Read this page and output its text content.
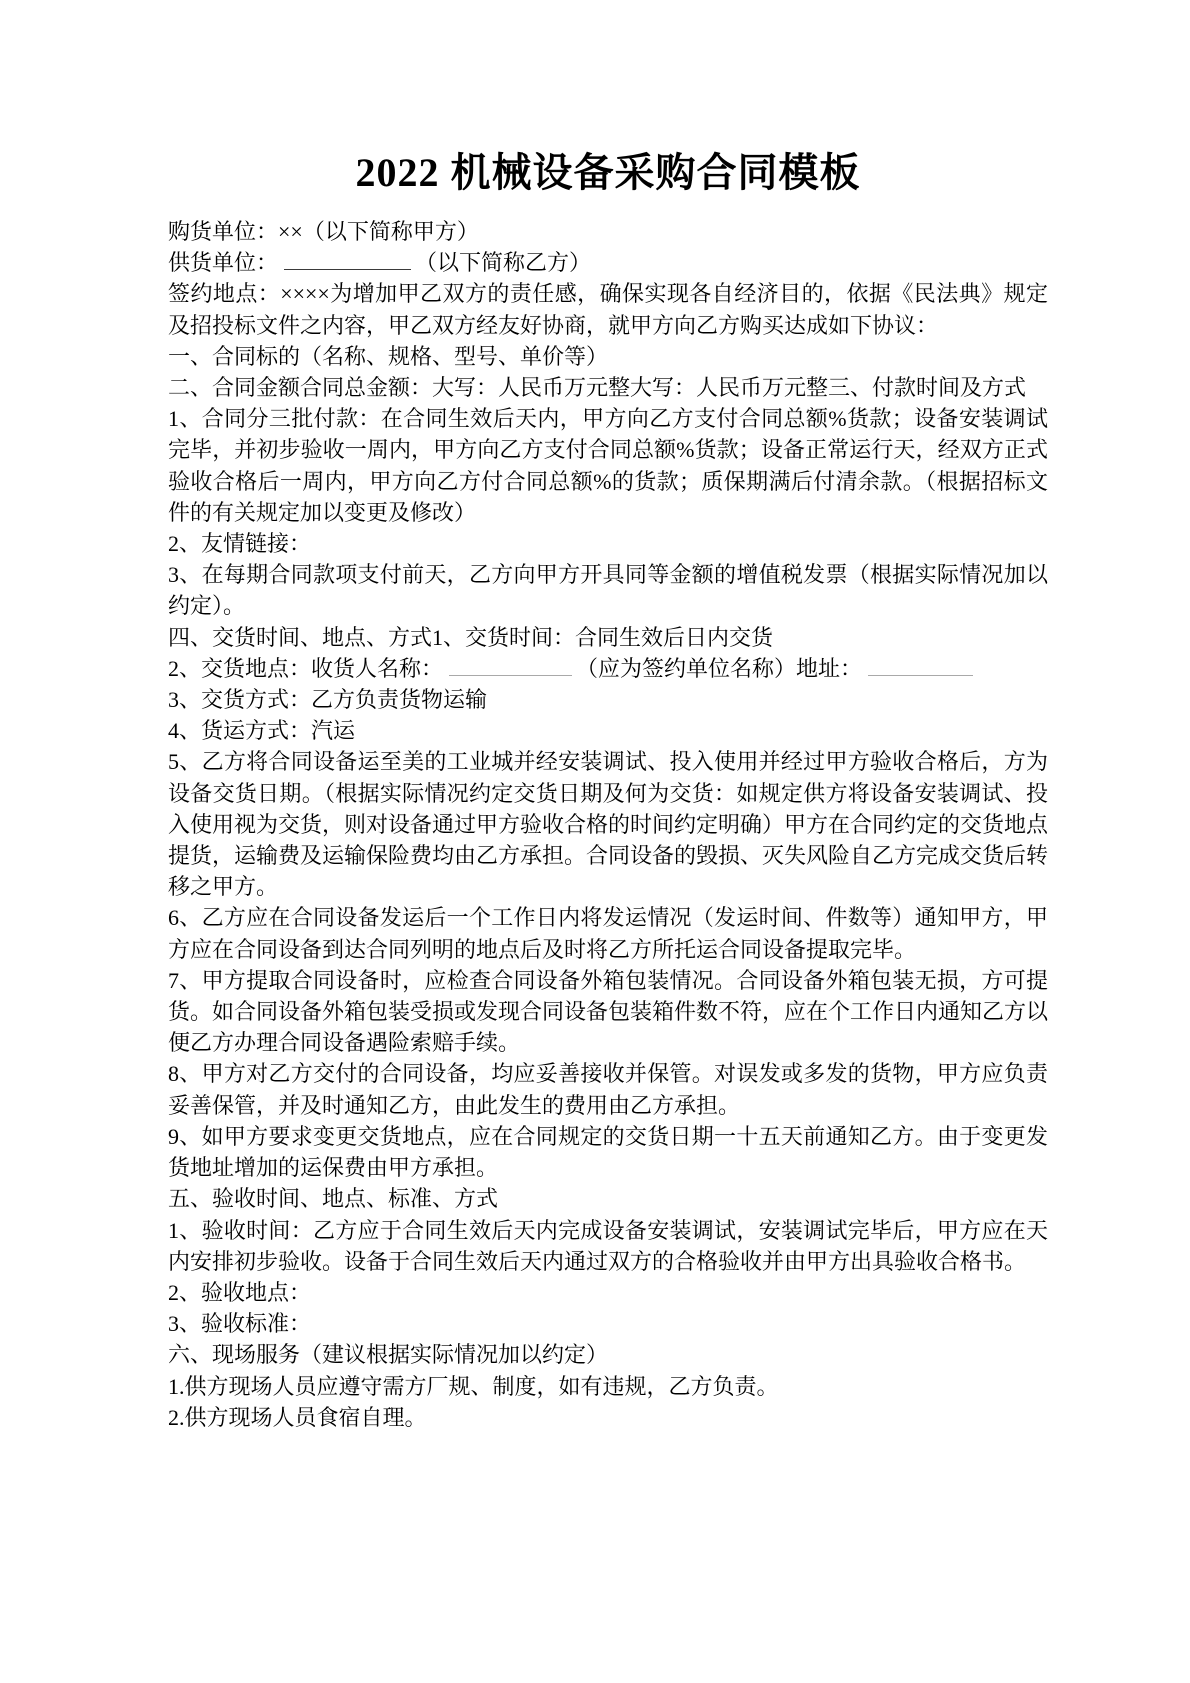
2022 机械设备采购合同模板

购货单位：××（以下简称甲方）

供货单位：	（以下简称乙方）

签约地点：××××为增加甲乙双方的责任感，确保实现各自经济目的，依据《民法典》规定及招投标文件之内容，甲乙双方经友好协商，就甲方向乙方购买达成如下协议：

一、合同标的（名称、规格、型号、单价等）

二、合同金额合同总金额：大写：人民币万元整大写：人民币万元整三、付款时间及方式

1、合同分三批付款：在合同生效后天内，甲方向乙方支付合同总额%货款；设备安装调试完毕，并初步验收一周内，甲方向乙方支付合同总额%货款；设备正常运行天，经双方正式验收合格后一周内，甲方向乙方付合同总额%的货款；质保期满后付清余款。（根据招标文件的有关规定加以变更及修改）

2、友情链接：

3、在每期合同款项支付前天，乙方向甲方开具同等金额的增值税发票（根据实际情况加以约定）。

四、交货时间、地点、方式1、交货时间：合同生效后日内交货

2、交货地点：收货人名称：	（应为签约单位名称）地址：

3、交货方式：乙方负责货物运输

4、货运方式：汽运

5、乙方将合同设备运至美的工业城并经安装调试、投入使用并经过甲方验收合格后，方为设备交货日期。（根据实际情况约定交货日期及何为交货：如规定供方将设备安装调试、投入使用视为交货，则对设备通过甲方验收合格的时间约定明确）甲方在合同约定的交货地点提货，运输费及运输保险费均由乙方承担。合同设备的毁损、灭失风险自乙方完成交货后转移之甲方。

6、乙方应在合同设备发运后一个工作日内将发运情况（发运时间、件数等）通知甲方，甲方应在合同设备到达合同列明的地点后及时将乙方所托运合同设备提取完毕。

7、甲方提取合同设备时，应检查合同设备外箱包装情况。合同设备外箱包装无损，方可提货。如合同设备外箱包装受损或发现合同设备包装箱件数不符，应在个工作日内通知乙方以便乙方办理合同设备遇险索赔手续。

8、甲方对乙方交付的合同设备，均应妥善接收并保管。对误发或多发的货物，甲方应负责妥善保管，并及时通知乙方，由此发生的费用由乙方承担。

9、如甲方要求变更交货地点，应在合同规定的交货日期一十五天前通知乙方。由于变更发货地址增加的运保费由甲方承担。

五、验收时间、地点、标准、方式

1、验收时间：乙方应于合同生效后天内完成设备安装调试，安装调试完毕后，甲方应在天内安排初步验收。设备于合同生效后天内通过双方的合格验收并由甲方出具验收合格书。

2、验收地点：

3、验收标准：

六、现场服务（建议根据实际情况加以约定）

1.供方现场人员应遵守需方厂规、制度，如有违规，乙方负责。

2.供方现场人员食宿自理。
